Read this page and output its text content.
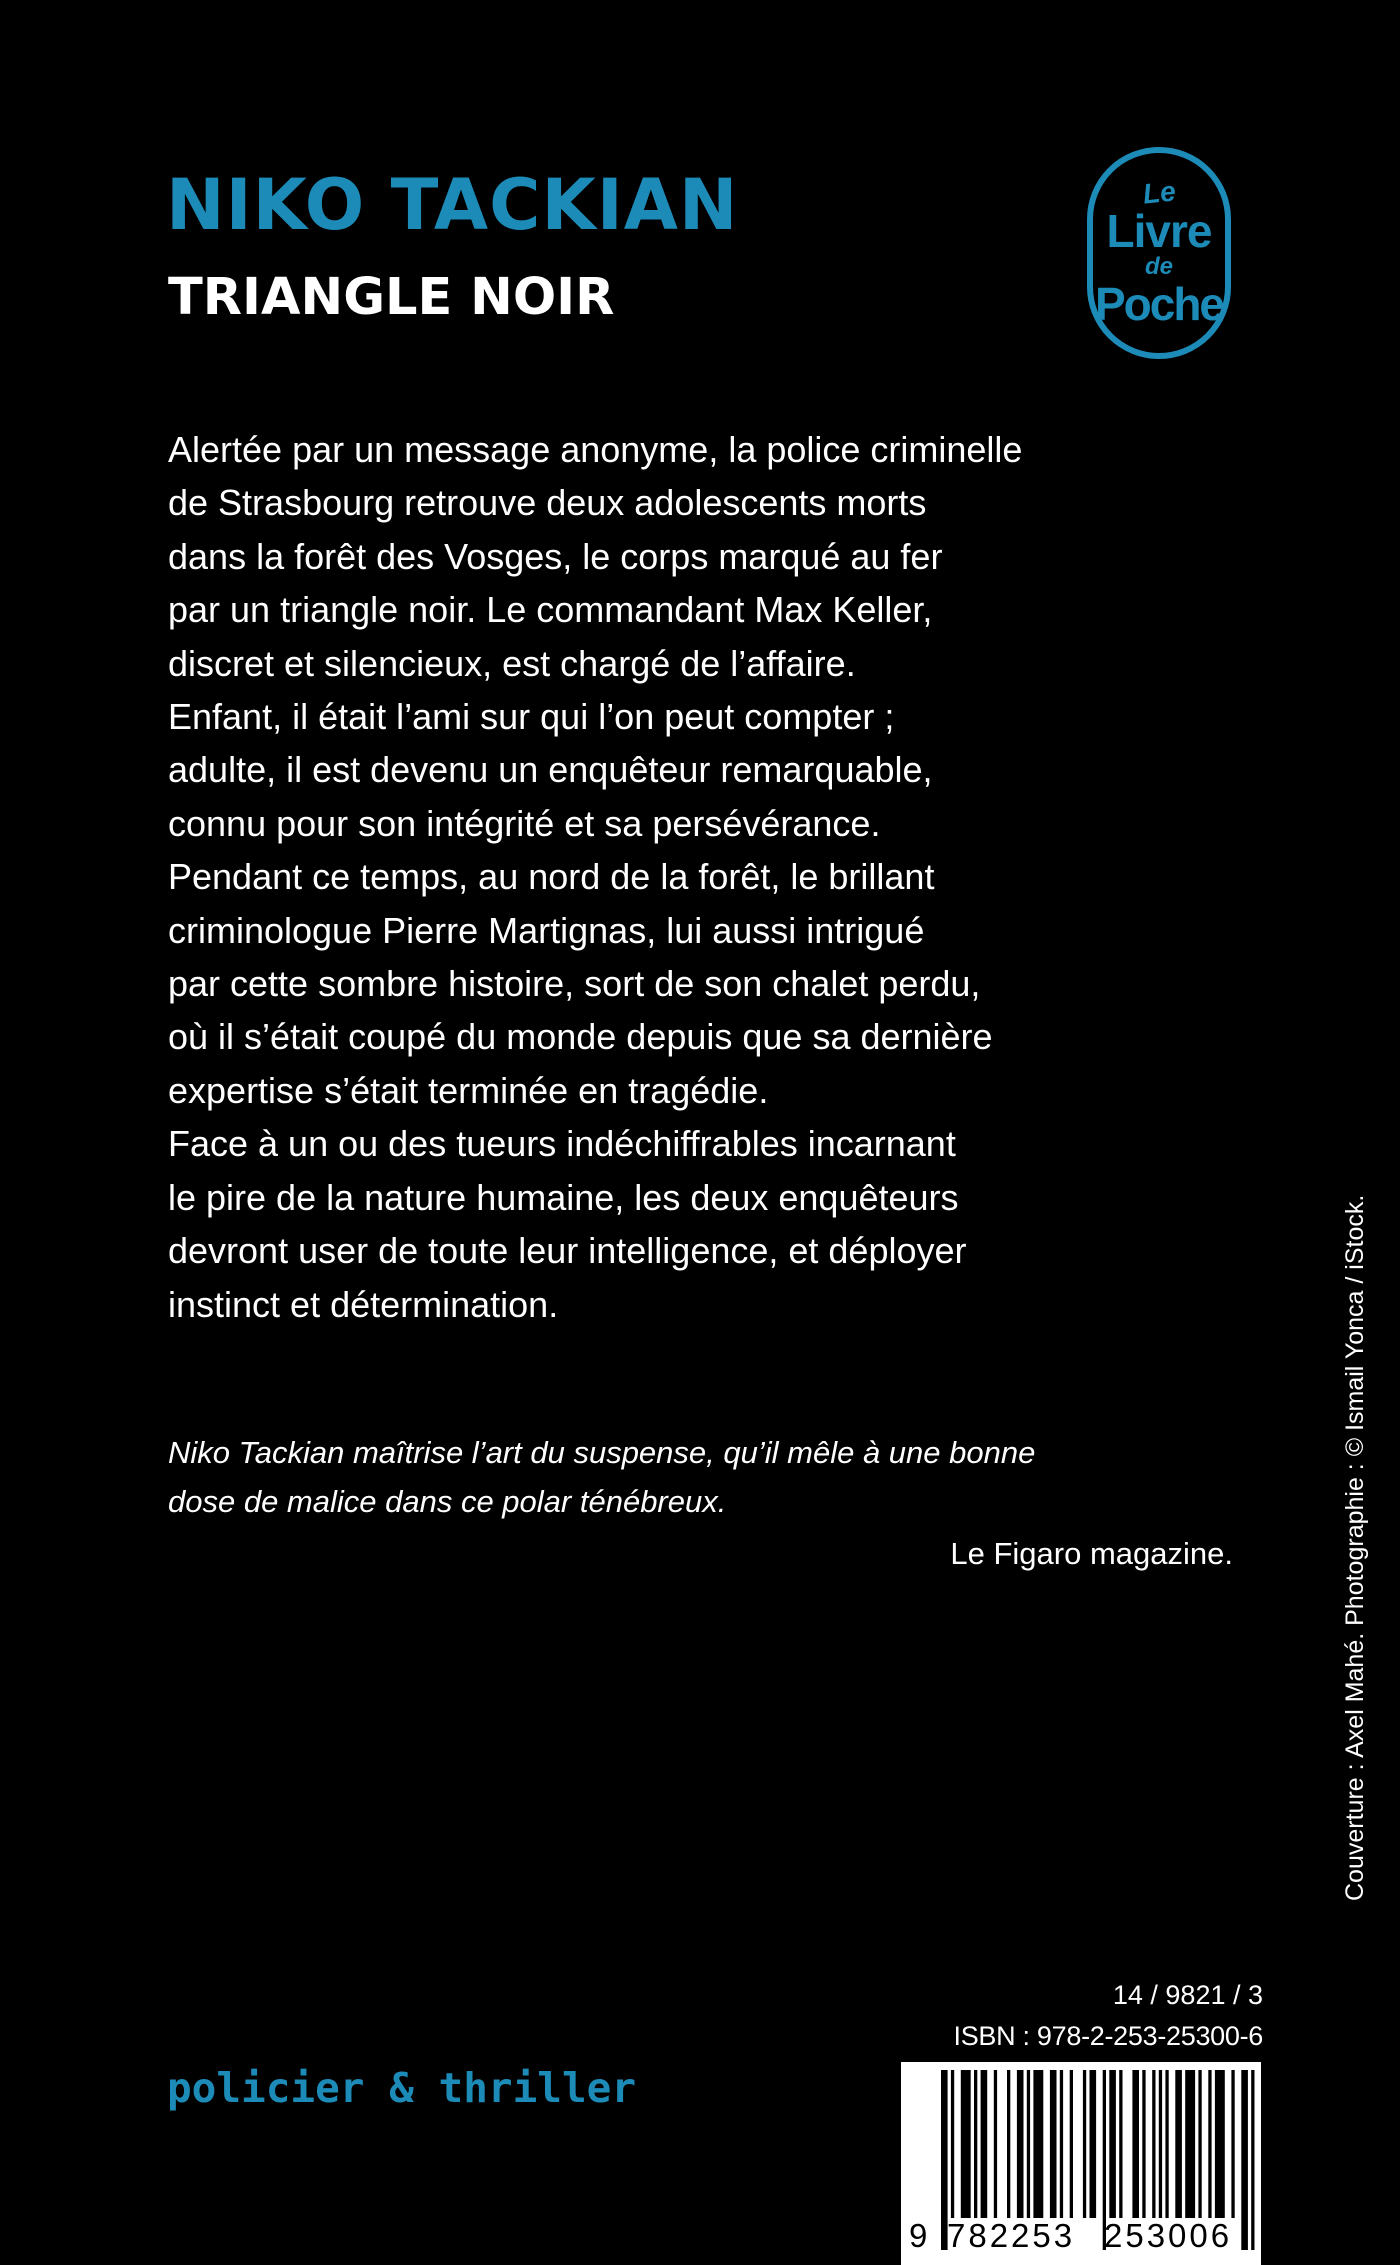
NIKO TACKIAN
TRIANGLE NOIR
Le
Livre
de
Poche

Alertée par un message anonyme, la police criminelle

de Strasbourg retrouve deux adolescents morts

dans la forêt des Vosges, le corps marqué au fer

par un triangle noir. Le commandant Max Keller,

discret et silencieux, est chargé de l’affaire.

Enfant, il était l’ami sur qui l’on peut compter ;

adulte, il est devenu un enquêteur remarquable,

connu pour son intégrité et sa persévérance.

Pendant ce temps, au nord de la forêt, le brillant

criminologue Pierre Martignas, lui aussi intrigué

par cette sombre histoire, sort de son chalet perdu,

où il s’était coupé du monde depuis que sa dernière

expertise s’était terminée en tragédie.

Face à un ou des tueurs indéchiffrables incarnant

le pire de la nature humaine, les deux enquêteurs

devront user de toute leur intelligence, et déployer

instinct et détermination.

Niko Tackian maîtrise l’art du suspense, qu’il mêle à une bonne

dose de malice dans ce polar ténébreux.

Le Figaro magazine.	Couverture : Axel Mahé. Photographie : © Ismail Yonca / iStock.

14 / 9821 / 3

ISBN : 978-2-253-25300-6

policier & thriller

9 782253 253006
